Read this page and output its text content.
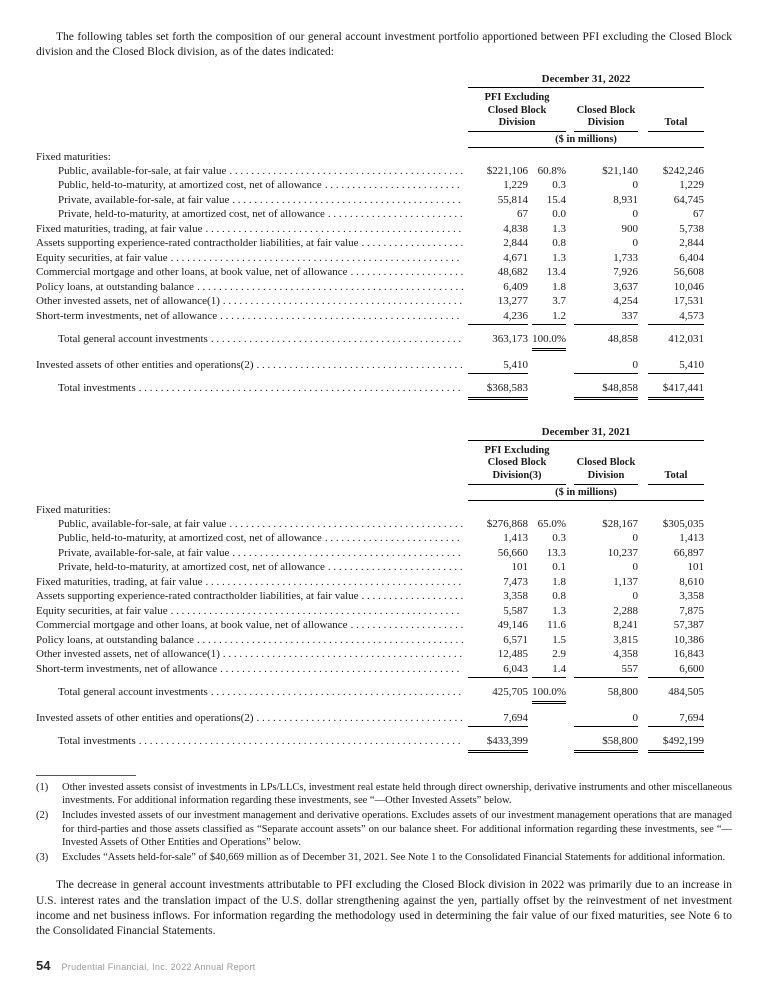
The following tables set forth the composition of our general account investment portfolio apportioned between PFI excluding the Closed Block division and the Closed Block division, as of the dates indicated:

December 31, 2022
PFI Excluding Closed Block Division
Closed Block Division	Total
($ in millions)
Fixed maturities:
Public, available-for-sale, at fair value . . .	$221,106 60.8%	$21,140	$242,246
Public, held-to-maturity, at amortized cost, net of allowance . . .	1,229	0.3	0	1,229
Private, available-for-sale, at fair value . . .	55,814	15.4	8,931	64,745
Private, held-to-maturity, at amortized cost, net of allowance . . .	67	0.0	0	67
Fixed maturities, trading, at fair value . . .	4,838	1.3	900	5,738
Assets supporting experience-rated contractholder liabilities, at fair value . . .	2,844	0.8	0	2,844
Equity securities, at fair value . . .	4,671	1.3	1,733	6,404
Commercial mortgage and other loans, at book value, net of allowance . . .	48,682	13.4	7,926	56,608
Policy loans, at outstanding balance . . .	6,409	1.8	3,637	10,046
Other invested assets, net of allowance(1) . . .	13,277	3.7	4,254	17,531
Short-term investments, net of allowance . . .	4,236	1.2	337	4,573
Total general account investments . . .	363,173 100.0%	48,858	412,031
Invested assets of other entities and operations(2) . . .	5,410	0	5,410
Total investments . . .	$368,583	$48,858	$417,441
December 31, 2021
PFI Excluding Closed Block Division(3)
Closed Block Division	Total
($ in millions)
Fixed maturities:
Public, available-for-sale, at fair value . . .	$276,868 65.0%	$28,167	$305,035
Public, held-to-maturity, at amortized cost, net of allowance . . .	1,413	0.3	0	1,413
Private, available-for-sale, at fair value . . .	56,660	13.3	10,237	66,897
Private, held-to-maturity, at amortized cost, net of allowance . . .	101	0.1	0	101
Fixed maturities, trading, at fair value . . .	7,473	1.8	1,137	8,610
Assets supporting experience-rated contractholder liabilities, at fair value . . .	3,358	0.8	0	3,358
Equity securities, at fair value . . .	5,587	1.3	2,288	7,875
Commercial mortgage and other loans, at book value, net of allowance . . .	49,146	11.6	8,241	57,387
Policy loans, at outstanding balance . . .	6,571	1.5	3,815	10,386
Other invested assets, net of allowance(1) . . .	12,485	2.9	4,358	16,843
Short-term investments, net of allowance . . .	6,043	1.4	557	6,600
Total general account investments . . .	425,705 100.0%	58,800	484,505
Invested assets of other entities and operations(2) . . .	7,694	0	7,694
Total investments . . .	$433,399	$58,800	$492,199
(1)	Other invested assets consist of investments in LPs/LLCs, investment real estate held through direct ownership, derivative instruments and other miscellaneous investments. For additional information regarding these investments, see “—Other Invested Assets” below.
(2)	Includes invested assets of our investment management and derivative operations. Excludes assets of our investment management operations that are managed for third-parties and those assets classified as “Separate account assets” on our balance sheet. For additional information regarding these investments, see “—Invested Assets of Other Entities and Operations” below.
(3)	Excludes “Assets held-for-sale” of $40,669 million as of December 31, 2021. See Note 1 to the Consolidated Financial Statements for additional information.

The decrease in general account investments attributable to PFI excluding the Closed Block division in 2022 was primarily due to an increase in U.S. interest rates and the translation impact of the U.S. dollar strengthening against the yen, partially offset by the reinvestment of net investment income and net business inflows. For information regarding the methodology used in determining the fair value of our fixed maturities, see Note 6 to the Consolidated Financial Statements.

54 Prudential Financial, Inc. 2022 Annual Report
